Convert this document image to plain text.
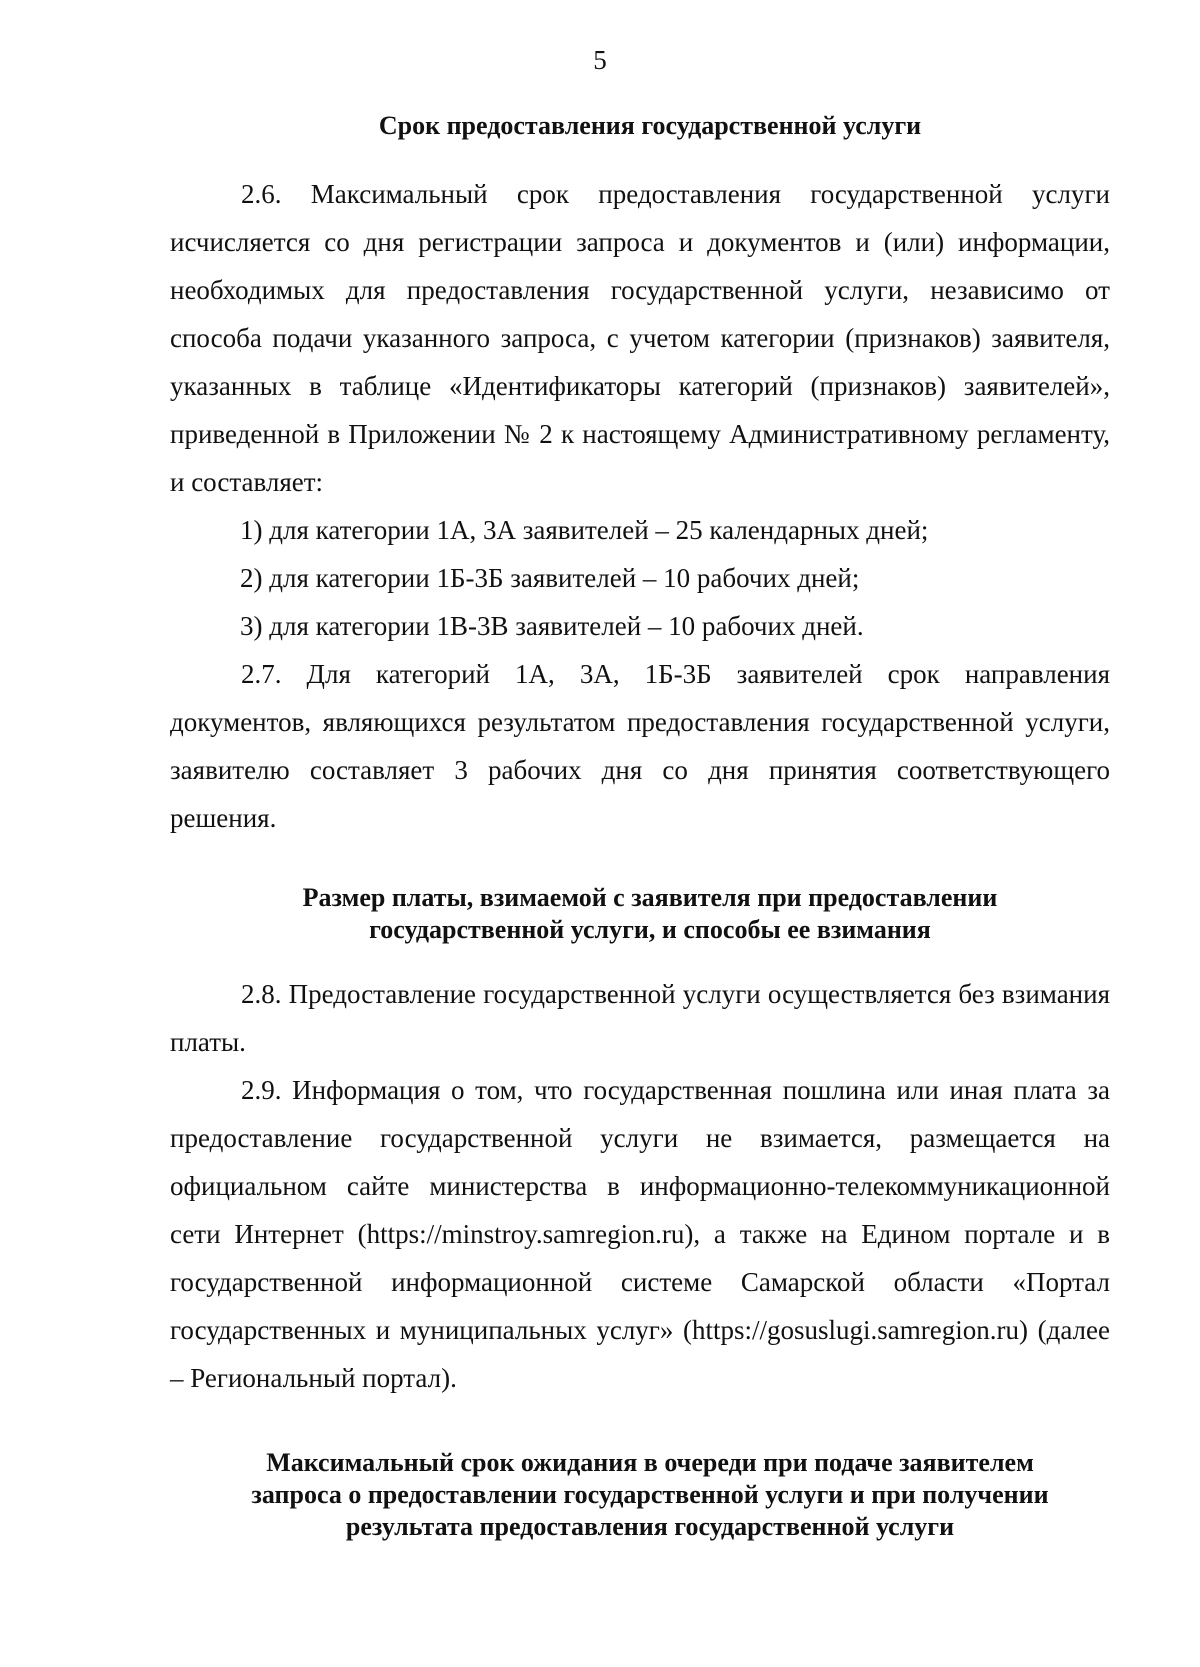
5
Срок предоставления государственной услуги

2.6. Максимальный срок предоставления государственной услуги исчисляется со дня регистрации запроса и документов и (или) информации, необходимых для предоставления государственной услуги, независимо от способа подачи указанного запроса, с учетом категории (признаков) заявителя, указанных в таблице «Идентификаторы категорий (признаков) заявителей», приведенной в Приложении № 2 к настоящему Административному регламенту, и составляет:

1) для категории 1А, 3А заявителей – 25 календарных дней;

2) для категории 1Б-3Б заявителей – 10 рабочих дней;

3) для категории 1В-3В заявителей – 10 рабочих дней.

2.7. Для категорий 1А, 3А, 1Б-3Б заявителей срок направления документов, являющихся результатом предоставления государственной услуги, заявителю составляет 3 рабочих дня со дня принятия соответствующего решения.

Размер платы, взимаемой с заявителя при предоставлении
государственной услуги, и способы ее взимания

2.8. Предоставление государственной услуги осуществляется без взимания платы.

2.9. Информация о том, что государственная пошлина или иная плата за предоставление государственной услуги не взимается, размещается на официальном сайте министерства в информационно-телекоммуникационной сети Интернет (https://minstroy.samregion.ru), а также на Едином портале и в государственной информационной системе Самарской области «Портал государственных и муниципальных услуг» (https://gosuslugi.samregion.ru) (далее – Региональный портал).

Максимальный срок ожидания в очереди при подаче заявителем
запроса о предоставлении государственной услуги и при получении
результата предоставления государственной услуги
